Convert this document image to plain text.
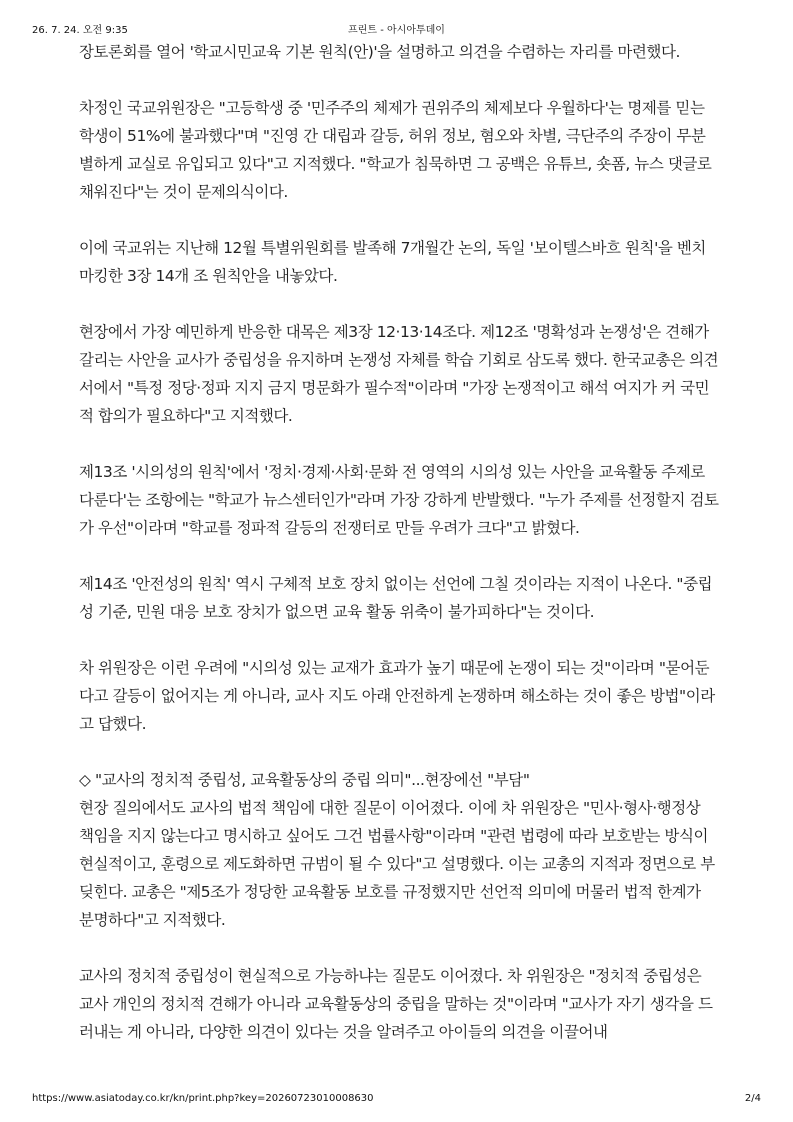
26. 7. 24. 오전 9:35	프린트 - 아시아투데이

장토론회를 열어 '학교시민교육 기본 원칙(안)'을 설명하고 의견을 수렴하는 자리를 마련했다.

차정인 국교위원장은 "고등학생 중 '민주주의 체제가 권위주의 체제보다 우월하다'는 명제를 믿는 학생이 51%에 불과했다"며 "진영 간 대립과 갈등, 허위 정보, 혐오와 차별, 극단주의 주장이 무분별하게 교실로 유입되고 있다"고 지적했다. "학교가 침묵하면 그 공백은 유튜브, 숏폼, 뉴스 댓글로 채워진다"는 것이 문제의식이다.

이에 국교위는 지난해 12월 특별위원회를 발족해 7개월간 논의, 독일 '보이텔스바흐 원칙'을 벤치마킹한 3장 14개 조 원칙안을 내놓았다.

현장에서 가장 예민하게 반응한 대목은 제3장 12·13·14조다. 제12조 '명확성과 논쟁성'은 견해가 갈리는 사안을 교사가 중립성을 유지하며 논쟁성 자체를 학습 기회로 삼도록 했다. 한국교총은 의견서에서 "특정 정당·정파 지지 금지 명문화가 필수적"이라며 "가장 논쟁적이고 해석 여지가 커 국민적 합의가 필요하다"고 지적했다.

제13조 '시의성의 원칙'에서 '정치·경제·사회·문화 전 영역의 시의성 있는 사안을 교육활동 주제로 다룬다'는 조항에는 "학교가 뉴스센터인가"라며 가장 강하게 반발했다. "누가 주제를 선정할지 검토가 우선"이라며 "학교를 정파적 갈등의 전쟁터로 만들 우려가 크다"고 밝혔다.

제14조 '안전성의 원칙' 역시 구체적 보호 장치 없이는 선언에 그칠 것이라는 지적이 나온다. "중립성 기준, 민원 대응 보호 장치가 없으면 교육 활동 위축이 불가피하다"는 것이다.

차 위원장은 이런 우려에 "시의성 있는 교재가 효과가 높기 때문에 논쟁이 되는 것"이라며 "묻어둔다고 갈등이 없어지는 게 아니라, 교사 지도 아래 안전하게 논쟁하며 해소하는 것이 좋은 방법"이라고 답했다.

◇ "교사의 정치적 중립성, 교육활동상의 중립 의미"...현장에선 "부담"

현장 질의에서도 교사의 법적 책임에 대한 질문이 이어졌다. 이에 차 위원장은 "민사·형사·행정상 책임을 지지 않는다고 명시하고 싶어도 그건 법률사항"이라며 "관련 법령에 따라 보호받는 방식이 현실적이고, 훈령으로 제도화하면 규범이 될 수 있다"고 설명했다. 이는 교총의 지적과 정면으로 부딪힌다. 교총은 "제5조가 정당한 교육활동 보호를 규정했지만 선언적 의미에 머물러 법적 한계가 분명하다"고 지적했다.

교사의 정치적 중립성이 현실적으로 가능하냐는 질문도 이어졌다. 차 위원장은 "정치적 중립성은 교사 개인의 정치적 견해가 아니라 교육활동상의 중립을 말하는 것"이라며 "교사가 자기 생각을 드러내는 게 아니라, 다양한 의견이 있다는 것을 알려주고 아이들의 의견을 이끌어내

https://www.asiatoday.co.kr/kn/print.php?key=20260723010008630	2/4
